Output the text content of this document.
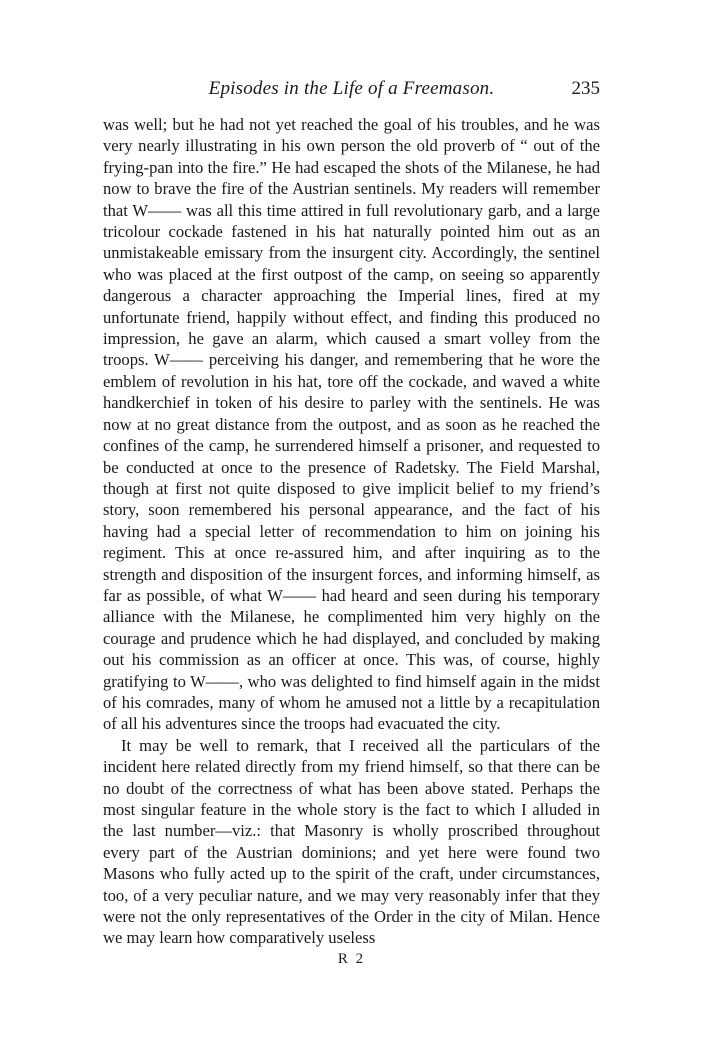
Episodes in the Life of a Freemason.	235

was well; but he had not yet reached the goal of his troubles, and he was very nearly illustrating in his own person the old proverb of “ out of the frying-pan into the fire.” He had escaped the shots of the Milanese, he had now to brave the fire of the Austrian sentinels. My readers will remember that W—— was all this time attired in full revolutionary garb, and a large tricolour cockade fastened in his hat naturally pointed him out as an unmistakeable emissary from the insurgent city. Accordingly, the sentinel who was placed at the first outpost of the camp, on seeing so apparently dangerous a character approaching the Imperial lines, fired at my unfortunate friend, happily without effect, and finding this produced no impression, he gave an alarm, which caused a smart volley from the troops. W—— perceiving his danger, and remembering that he wore the emblem of revolution in his hat, tore off the cockade, and waved a white handkerchief in token of his desire to parley with the sentinels. He was now at no great distance from the outpost, and as soon as he reached the confines of the camp, he surrendered himself a prisoner, and requested to be conducted at once to the presence of Radetsky. The Field Marshal, though at first not quite disposed to give implicit belief to my friend’s story, soon remembered his personal appearance, and the fact of his having had a special letter of recommendation to him on joining his regiment. This at once re-assured him, and after inquiring as to the strength and disposition of the insurgent forces, and informing himself, as far as possible, of what W—— had heard and seen during his temporary alliance with the Milanese, he complimented him very highly on the courage and prudence which he had displayed, and concluded by making out his commission as an officer at once. This was, of course, highly gratifying to W——, who was delighted to find himself again in the midst of his comrades, many of whom he amused not a little by a recapitulation of all his adventures since the troops had evacuated the city.

It may be well to remark, that I received all the particulars of the incident here related directly from my friend himself, so that there can be no doubt of the correctness of what has been above stated. Perhaps the most singular feature in the whole story is the fact to which I alluded in the last number—viz.: that Masonry is wholly proscribed throughout every part of the Austrian dominions; and yet here were found two Masons who fully acted up to the spirit of the craft, under circumstances, too, of a very peculiar nature, and we may very reasonably infer that they were not the only representatives of the Order in the city of Milan. Hence we may learn how comparatively useless

R 2
